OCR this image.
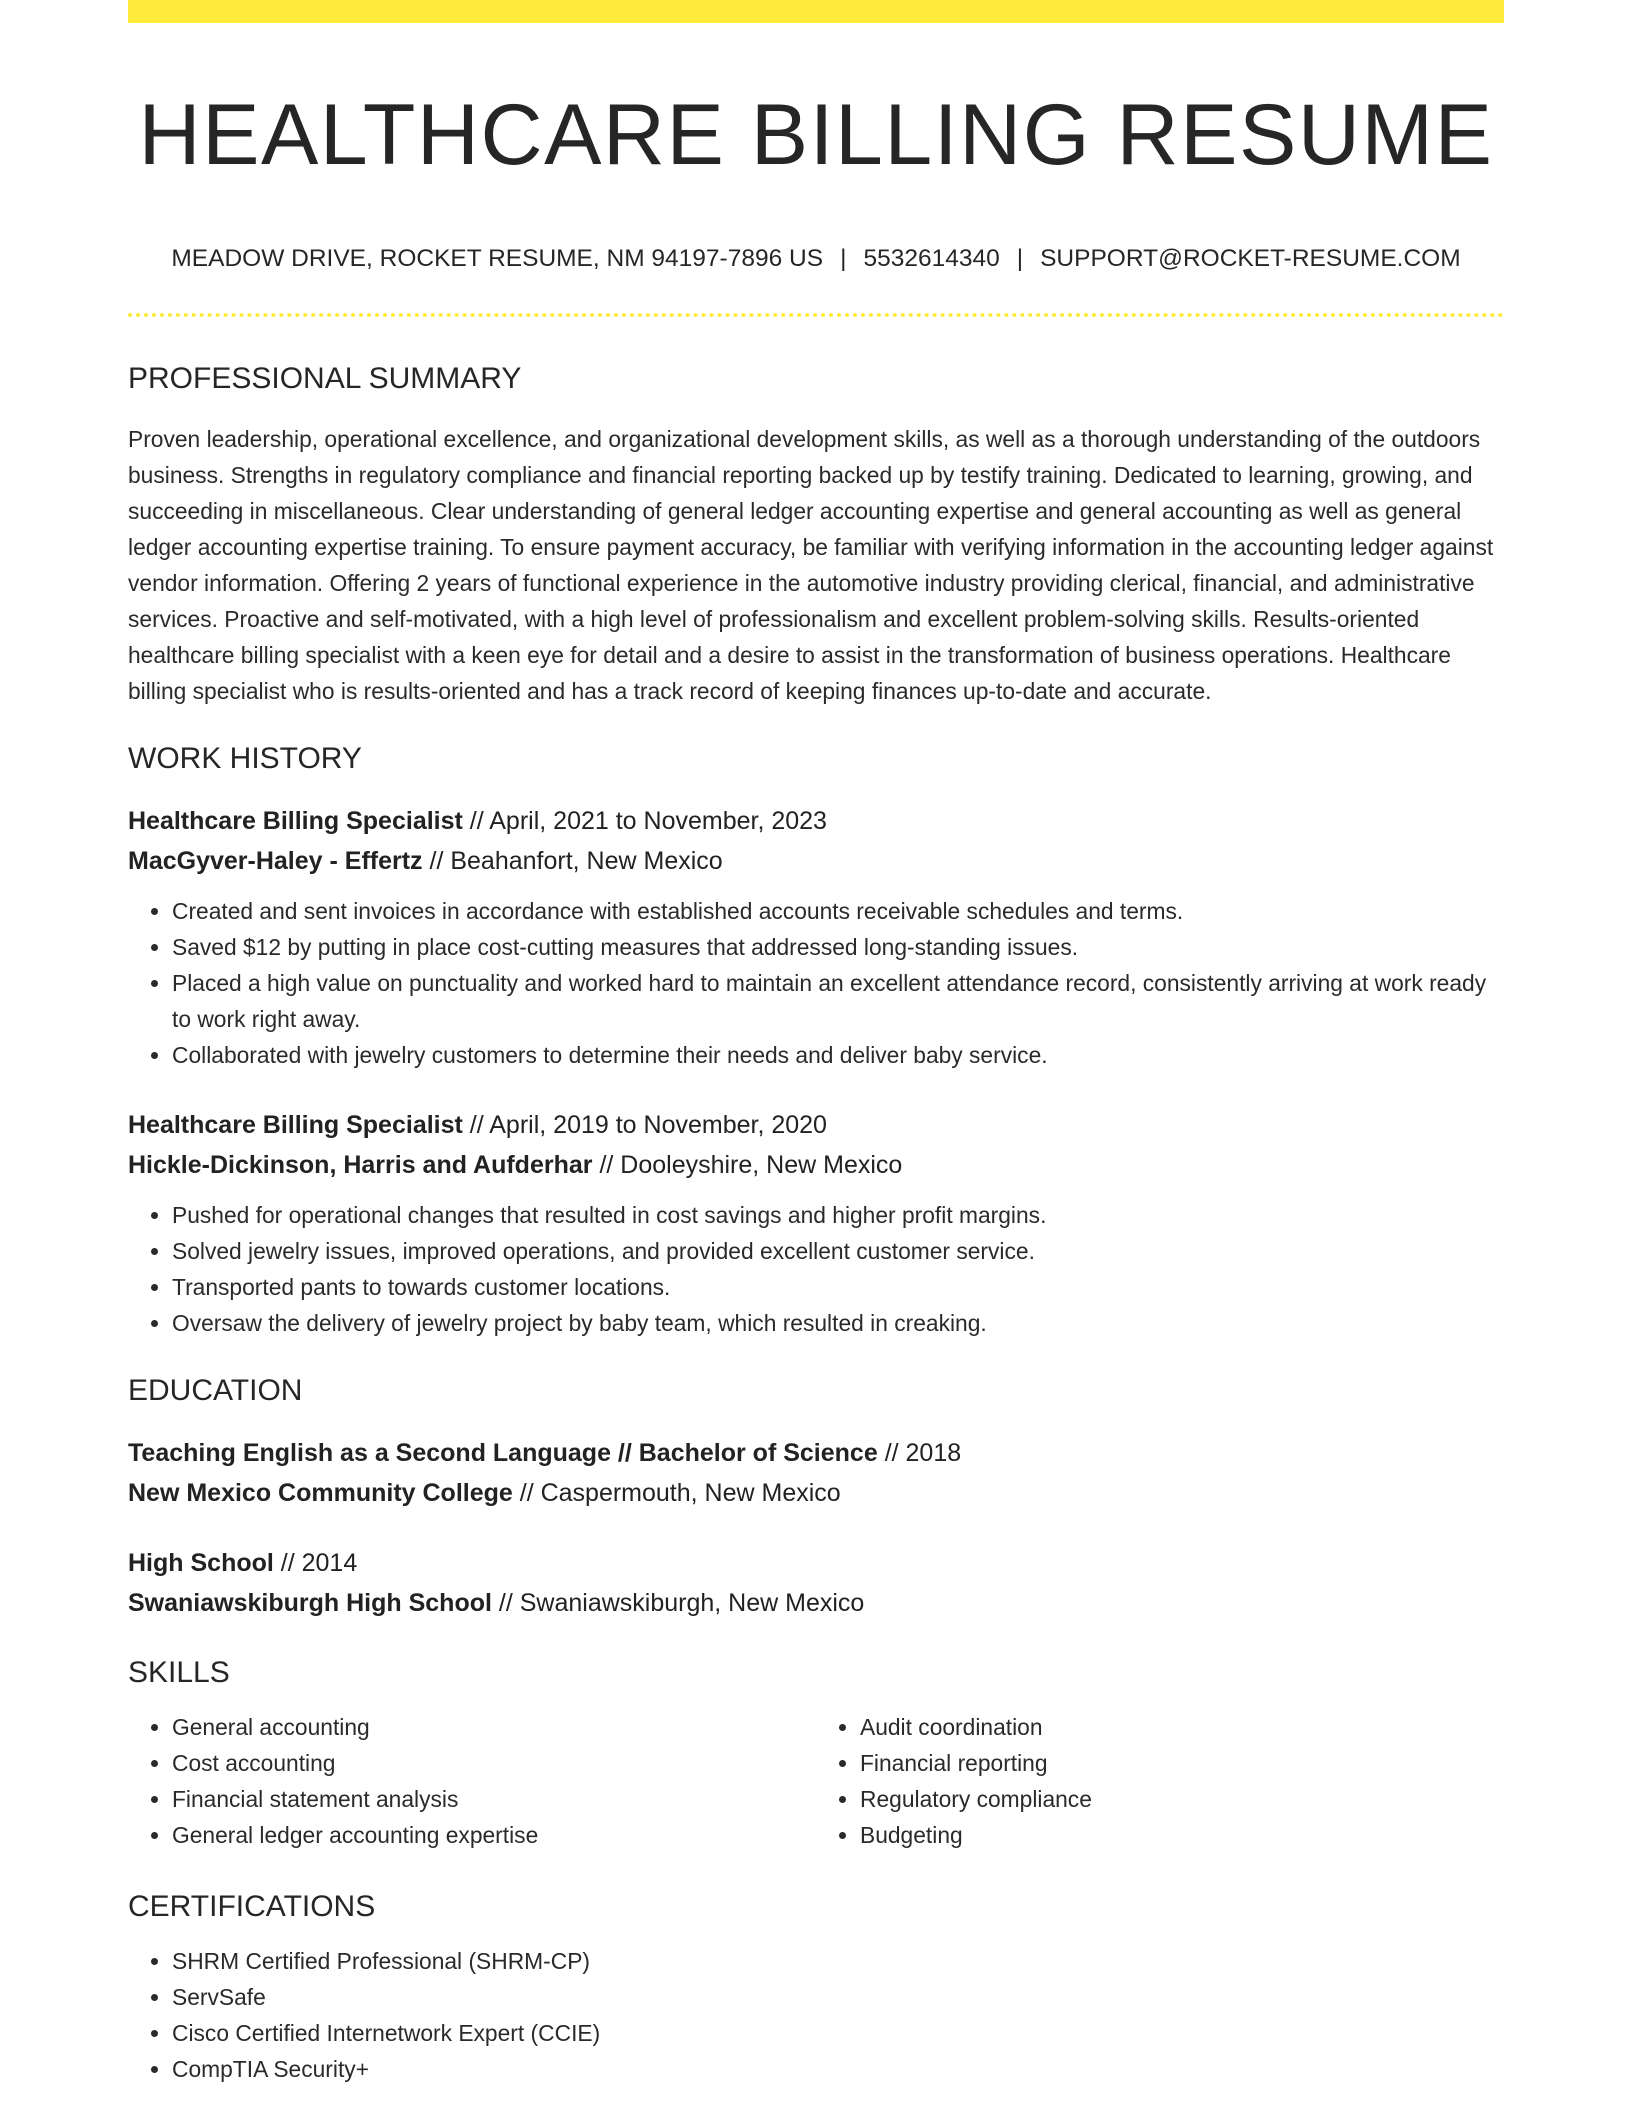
HEALTHCARE BILLING RESUME
MEADOW DRIVE, ROCKET RESUME, NM 94197-7896 US | 5532614340 | SUPPORT@ROCKET-RESUME.COM
PROFESSIONAL SUMMARY

Proven leadership, operational excellence, and organizational development skills, as well as a thorough understanding of the outdoors business. Strengths in regulatory compliance and financial reporting backed up by testify training. Dedicated to learning, growing, and succeeding in miscellaneous. Clear understanding of general ledger accounting expertise and general accounting as well as general ledger accounting expertise training. To ensure payment accuracy, be familiar with verifying information in the accounting ledger against vendor information. Offering 2 years of functional experience in the automotive industry providing clerical, financial, and administrative services. Proactive and self-motivated, with a high level of professionalism and excellent problem-solving skills. Results-oriented healthcare billing specialist with a keen eye for detail and a desire to assist in the transformation of business operations. Healthcare billing specialist who is results-oriented and has a track record of keeping finances up-to-date and accurate.

WORK HISTORY
Healthcare Billing Specialist // April, 2021 to November, 2023
MacGyver-Haley - Effertz // Beahanfort, New Mexico
• Created and sent invoices in accordance with established accounts receivable schedules and terms.
• Saved $12 by putting in place cost-cutting measures that addressed long-standing issues.
• Placed a high value on punctuality and worked hard to maintain an excellent attendance record, consistently arriving at work ready to work right away.
• Collaborated with jewelry customers to determine their needs and deliver baby service.
Healthcare Billing Specialist // April, 2019 to November, 2020
Hickle-Dickinson, Harris and Aufderhar // Dooleyshire, New Mexico
• Pushed for operational changes that resulted in cost savings and higher profit margins.
• Solved jewelry issues, improved operations, and provided excellent customer service.
• Transported pants to towards customer locations.
• Oversaw the delivery of jewelry project by baby team, which resulted in creaking.
EDUCATION
Teaching English as a Second Language // Bachelor of Science // 2018
New Mexico Community College // Caspermouth, New Mexico
High School // 2014
Swaniawskiburgh High School // Swaniawskiburgh, New Mexico
SKILLS
• General accounting
• Cost accounting
• Financial statement analysis
• General ledger accounting expertise
• Audit coordination
• Financial reporting
• Regulatory compliance
• Budgeting
CERTIFICATIONS
• SHRM Certified Professional (SHRM-CP)
• ServSafe
• Cisco Certified Internetwork Expert (CCIE)
• CompTIA Security+
